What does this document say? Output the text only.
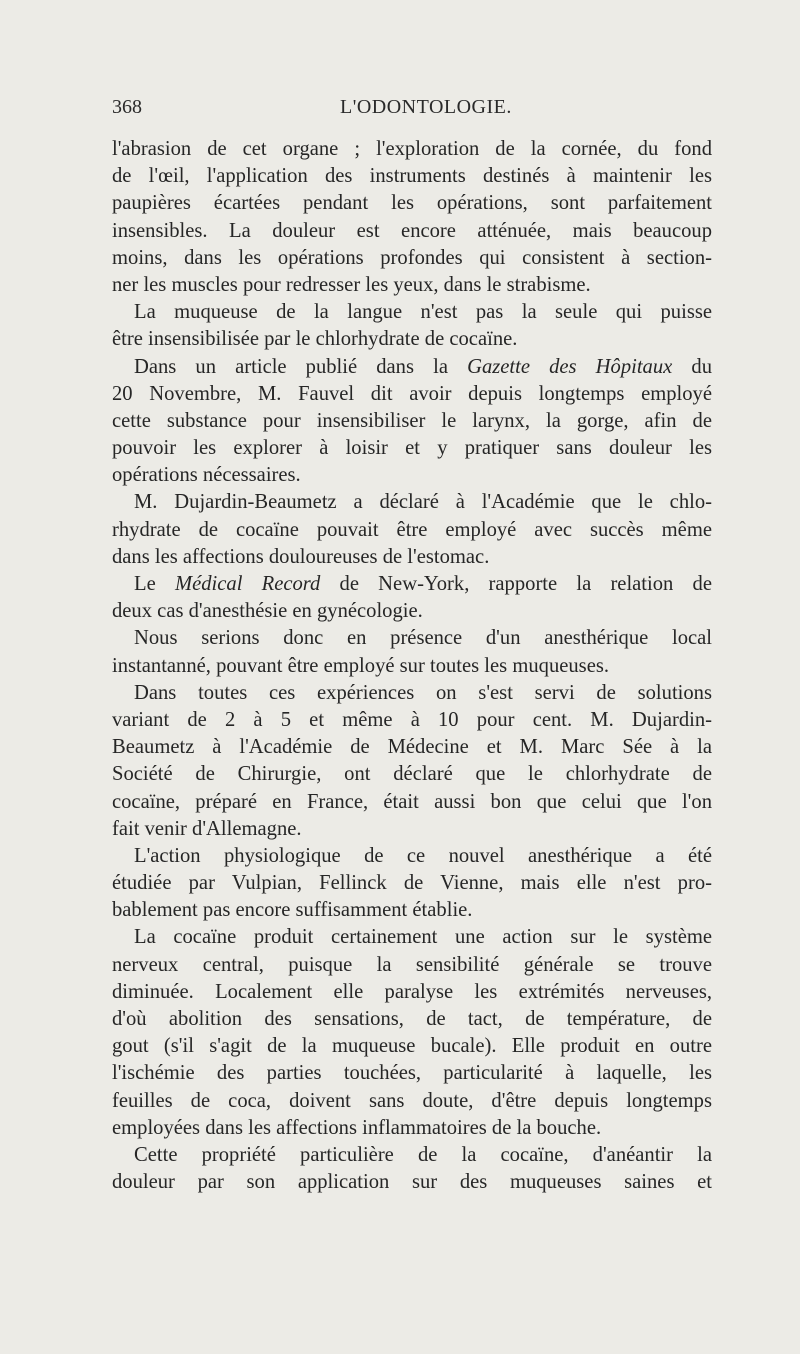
368	L'ODONTOLOGIE.
l'abrasion de cet organe ; l'exploration de la cornée, du fond
de l'œil, l'application des instruments destinés à maintenir les
paupières écartées pendant les opérations, sont parfaitement
insensibles. La douleur est encore atténuée, mais beaucoup
moins, dans les opérations profondes qui consistent à section-
ner les muscles pour redresser les yeux, dans le strabisme.
La muqueuse de la langue n'est pas la seule qui puisse
être insensibilisée par le chlorhydrate de cocaïne.
Dans un article publié dans la Gazette des Hôpitaux du
20 Novembre, M. Fauvel dit avoir depuis longtemps employé
cette substance pour insensibiliser le larynx, la gorge, afin de
pouvoir les explorer à loisir et y pratiquer sans douleur les
opérations nécessaires.
M. Dujardin-Beaumetz a déclaré à l'Académie que le chlo-
rhydrate de cocaïne pouvait être employé avec succès même
dans les affections douloureuses de l'estomac.
Le Médical Record de New-York, rapporte la relation de
deux cas d'anesthésie en gynécologie.
Nous serions donc en présence d'un anesthérique local
instantanné, pouvant être employé sur toutes les muqueuses.
Dans toutes ces expériences on s'est servi de solutions
variant de 2 à 5 et même à 10 pour cent. M. Dujardin-
Beaumetz à l'Académie de Médecine et M. Marc Sée à la
Société de Chirurgie, ont déclaré que le chlorhydrate de
cocaïne, préparé en France, était aussi bon que celui que l'on
fait venir d'Allemagne.
L'action physiologique de ce nouvel anesthérique a été
étudiée par Vulpian, Fellinck de Vienne, mais elle n'est pro-
bablement pas encore suffisamment établie.
La cocaïne produit certainement une action sur le système
nerveux central, puisque la sensibilité générale se trouve
diminuée. Localement elle paralyse les extrémités nerveuses,
d'où abolition des sensations, de tact, de température, de
gout (s'il s'agit de la muqueuse bucale). Elle produit en outre
l'ischémie des parties touchées, particularité à laquelle, les
feuilles de coca, doivent sans doute, d'être depuis longtemps
employées dans les affections inflammatoires de la bouche.
Cette propriété particulière de la cocaïne, d'anéantir la
douleur par son application sur des muqueuses saines et
